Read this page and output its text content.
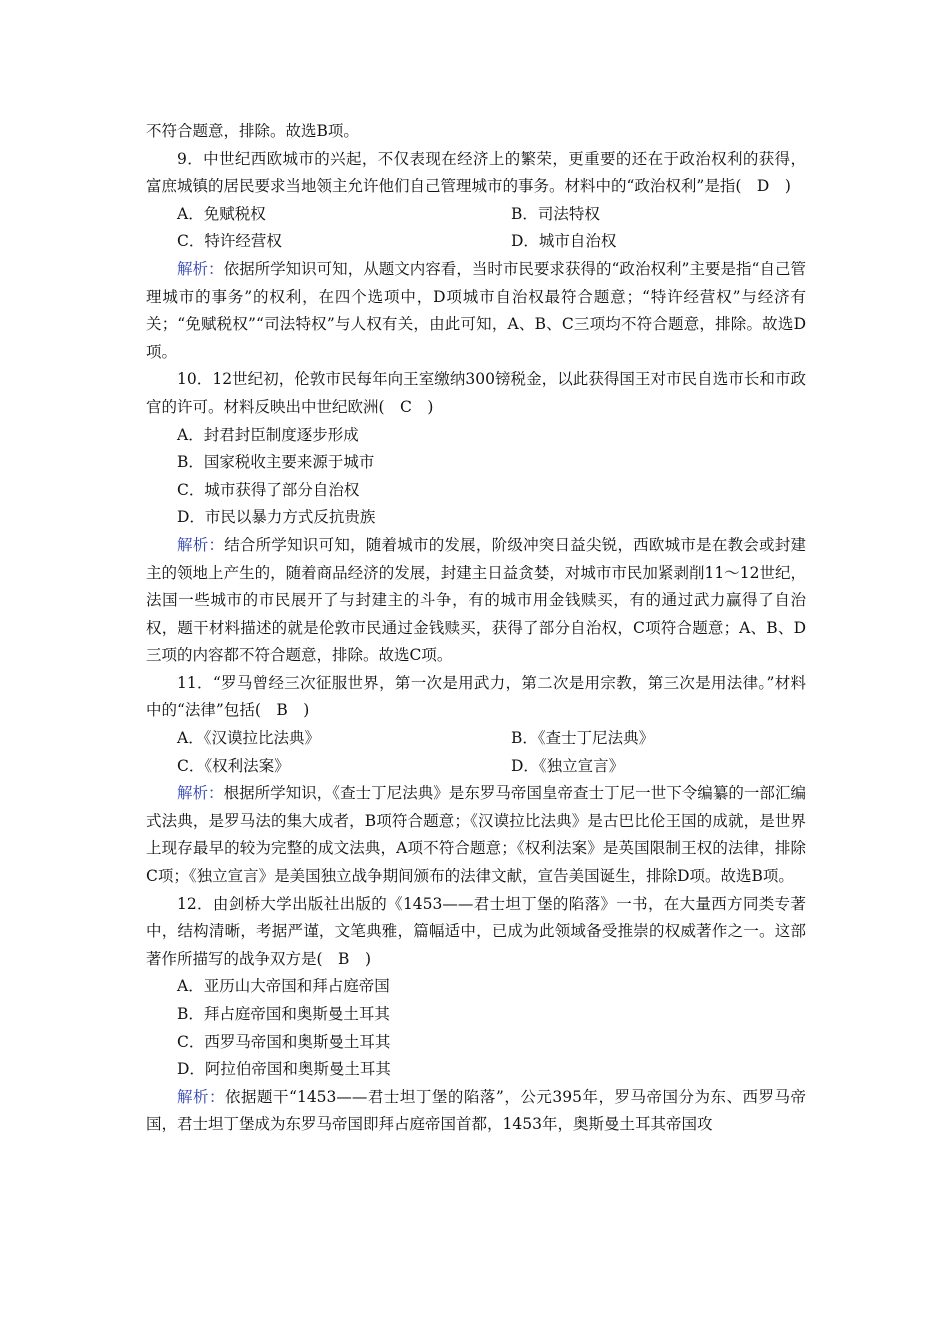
不符合题意，排除。故选B项。

9．中世纪西欧城市的兴起，不仅表现在经济上的繁荣，更重要的还在于政治权利的获得，富庶城镇的居民要求当地领主允许他们自己管理城市的事务。材料中的“政治权利”是指(　D　)

A．免赋税权	B．司法特权

C．特许经营权	D．城市自治权

解析：依据所学知识可知，从题文内容看，当时市民要求获得的“政治权利”主要是指“自己管理城市的事务”的权利，在四个选项中，D项城市自治权最符合题意；“特许经营权”与经济有关；“免赋税权”“司法特权”与人权有关，由此可知，A、B、C三项均不符合题意，排除。故选D项。

10．12世纪初，伦敦市民每年向王室缴纳300镑税金，以此获得国王对市民自选市长和市政官的许可。材料反映出中世纪欧洲(　C　)

A．封君封臣制度逐步形成

B．国家税收主要来源于城市

C．城市获得了部分自治权

D．市民以暴力方式反抗贵族

解析：结合所学知识可知，随着城市的发展，阶级冲突日益尖锐，西欧城市是在教会或封建主的领地上产生的，随着商品经济的发展，封建主日益贪婪，对城市市民加紧剥削11～12世纪，法国一些城市的市民展开了与封建主的斗争，有的城市用金钱赎买，有的通过武力赢得了自治权，题干材料描述的就是伦敦市民通过金钱赎买，获得了部分自治权，C项符合题意；A、B、D三项的内容都不符合题意，排除。故选C项。

11．“罗马曾经三次征服世界，第一次是用武力，第二次是用宗教，第三次是用法律。”材料中的“法律”包括(　B　)

A．《汉谟拉比法典》	B．《查士丁尼法典》

C．《权利法案》	D．《独立宣言》

解析：根据所学知识，《查士丁尼法典》是东罗马帝国皇帝查士丁尼一世下令编纂的一部汇编式法典，是罗马法的集大成者，B项符合题意；《汉谟拉比法典》是古巴比伦王国的成就，是世界上现存最早的较为完整的成文法典，A项不符合题意；《权利法案》是英国限制王权的法律，排除C项；《独立宣言》是美国独立战争期间颁布的法律文献，宣告美国诞生，排除D项。故选B项。

12．由剑桥大学出版社出版的《1453——君士坦丁堡的陷落》一书，在大量西方同类专著中，结构清晰，考据严谨，文笔典雅，篇幅适中，已成为此领域备受推崇的权威著作之一。这部著作所描写的战争双方是(　B　)

A．亚历山大帝国和拜占庭帝国

B．拜占庭帝国和奥斯曼土耳其

C．西罗马帝国和奥斯曼土耳其

D．阿拉伯帝国和奥斯曼土耳其

解析：依据题干“1453——君士坦丁堡的陷落”，公元395年，罗马帝国分为东、西罗马帝国，君士坦丁堡成为东罗马帝国即拜占庭帝国首都，1453年，奥斯曼土耳其帝国攻
